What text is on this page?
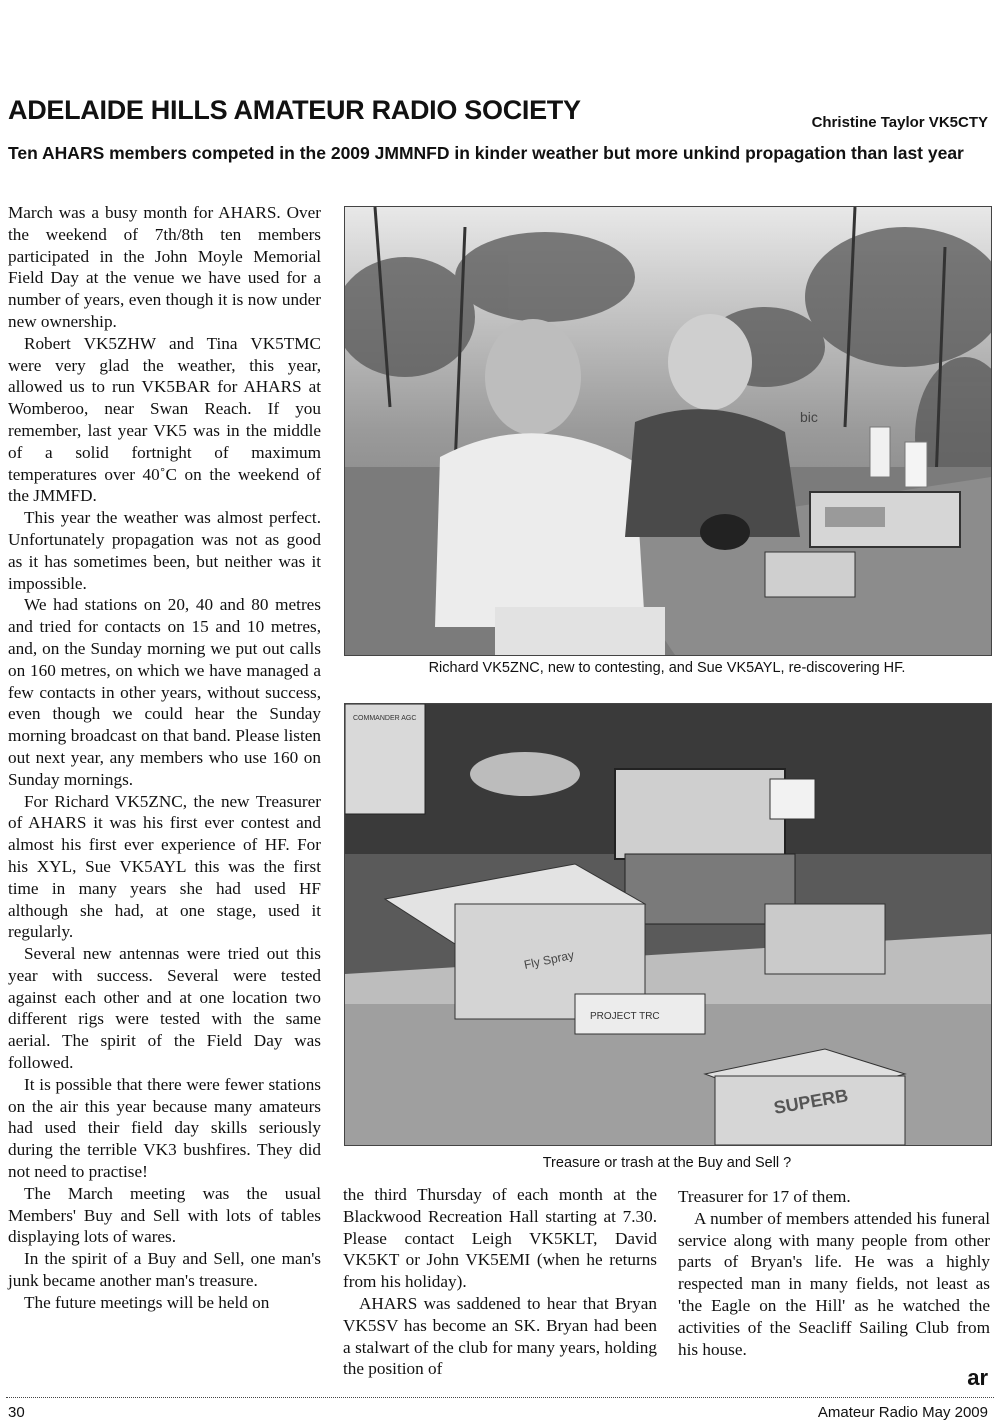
ADELAIDE HILLS AMATEUR RADIO SOCIETY	Christine Taylor VK5CTY
Ten AHARS members competed in the 2009 JMMNFD in kinder weather but more unkind propagation than last year

March was a busy month for AHARS. Over the weekend of 7th/8th ten members participated in the John Moyle Memorial Field Day at the venue we have used for a number of years, even though it is now under new ownership.

Robert VK5ZHW and Tina VK5TMC were very glad the weather, this year, allowed us to run VK5BAR for AHARS at Womberoo, near Swan Reach. If you remember, last year VK5 was in the middle of a solid fortnight of maximum temperatures over 40˚C on the weekend of the JMMFD.

This year the weather was almost perfect. Unfortunately propagation was not as good as it has sometimes been, but neither was it impossible.

We had stations on 20, 40 and 80 metres and tried for contacts on 15 and 10 metres, and, on the Sunday morning we put out calls on 160 metres, on which we have managed a few contacts in other years, without success, even though we could hear the Sunday morning broadcast on that band. Please listen out next year, any members who use 160 on Sunday mornings.

For Richard VK5ZNC, the new Treasurer of AHARS it was his first ever contest and almost his first ever experience of HF. For his XYL, Sue VK5AYL this was the first time in many years she had used HF although she had, at one stage, used it regularly.

Several new antennas were tried out this year with success. Several were tested against each other and at one location two different rigs were tested with the same aerial. The spirit of the Field Day was followed.

It is possible that there were fewer stations on the air this year because many amateurs had used their field day skills seriously during the terrible VK3 bushfires. They did not need to practise!

The March meeting was the usual Members' Buy and Sell with lots of tables displaying lots of wares.

In the spirit of a Buy and Sell, one man's junk became another man's treasure.

The future meetings will be held on

bic
Richard VK5ZNC, new to contesting, and Sue VK5AYL, re-discovering HF.
COMMANDER AGC
Fly Spray
PROJECT TRC
SUPERB
Treasure or trash at the Buy and Sell ?

the third Thursday of each month at the Blackwood Recreation Hall starting at 7.30. Please contact Leigh VK5KLT, David VK5KT or John VK5EMI (when he returns from his holiday).

AHARS was saddened to hear that Bryan VK5SV has become an SK. Bryan had been a stalwart of the club for many years, holding the position of

Treasurer for 17 of them.

A number of members attended his funeral service along with many people from other parts of Bryan's life. He was a highly respected man in many fields, not least as 'the Eagle on the Hill' as he watched the activities of the Seacliff Sailing Club from his house.

ar
30	Amateur Radio May 2009
